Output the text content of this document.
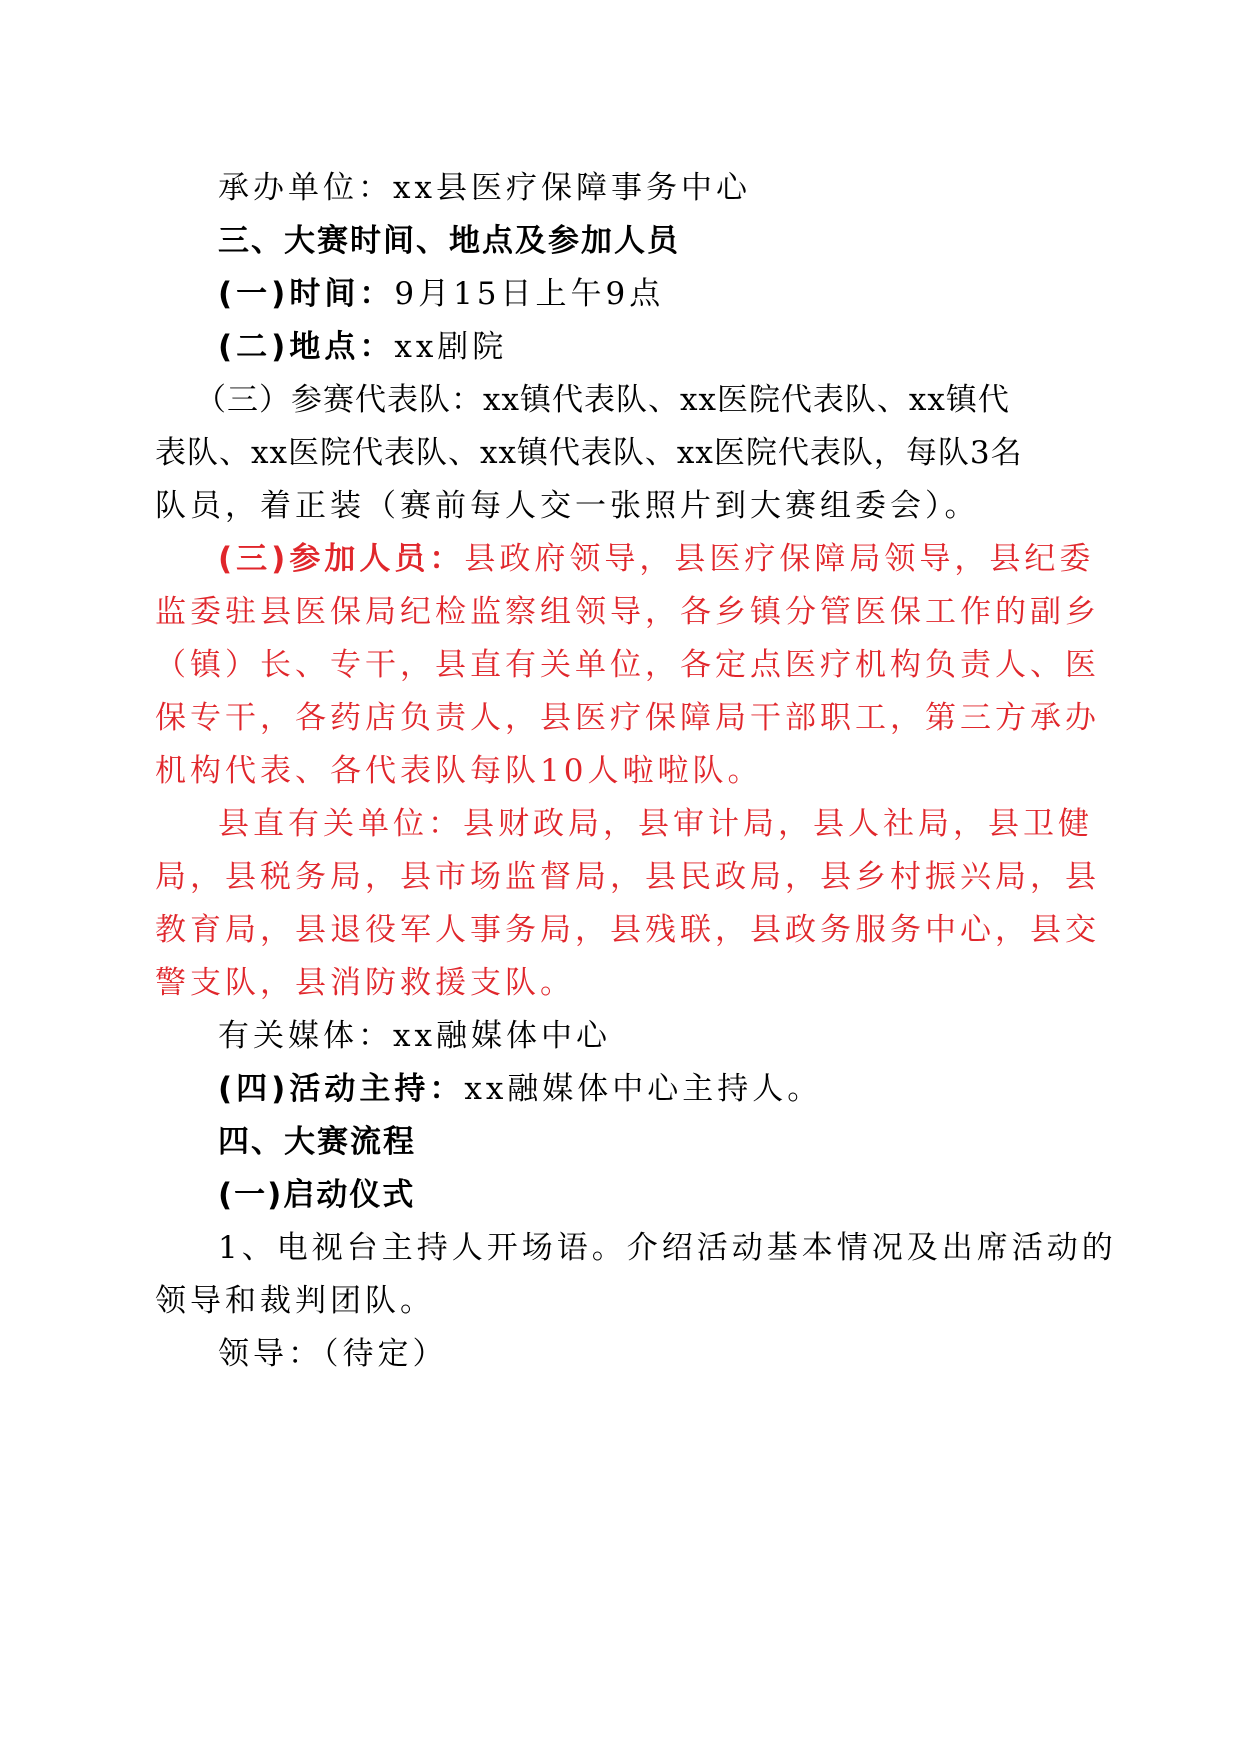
承办单位：xx县医疗保障事务中心
三、大赛时间、地点及参加人员
(一)时间：9月15日上午9点
(二)地点：xx剧院
（三）参赛代表队：xx镇代表队、xx医院代表队、xx镇代
表队、xx医院代表队、xx镇代表队、xx医院代表队，每队3名
队员，着正装（赛前每人交一张照片到大赛组委会）。
(三)参加人员：县政府领导，县医疗保障局领导，县纪委
监委驻县医保局纪检监察组领导，各乡镇分管医保工作的副乡
（镇）长、专干，县直有关单位，各定点医疗机构负责人、医
保专干，各药店负责人，县医疗保障局干部职工，第三方承办
机构代表、各代表队每队10人啦啦队。
县直有关单位：县财政局，县审计局，县人社局，县卫健
局，县税务局，县市场监督局，县民政局，县乡村振兴局，县
教育局，县退役军人事务局，县残联，县政务服务中心，县交
警支队，县消防救援支队。
有关媒体：xx融媒体中心
(四)活动主持：xx融媒体中心主持人。
四、大赛流程
(一)启动仪式
1、电视台主持人开场语。介绍活动基本情况及出席活动的
领导和裁判团队。
领导：（待定）
